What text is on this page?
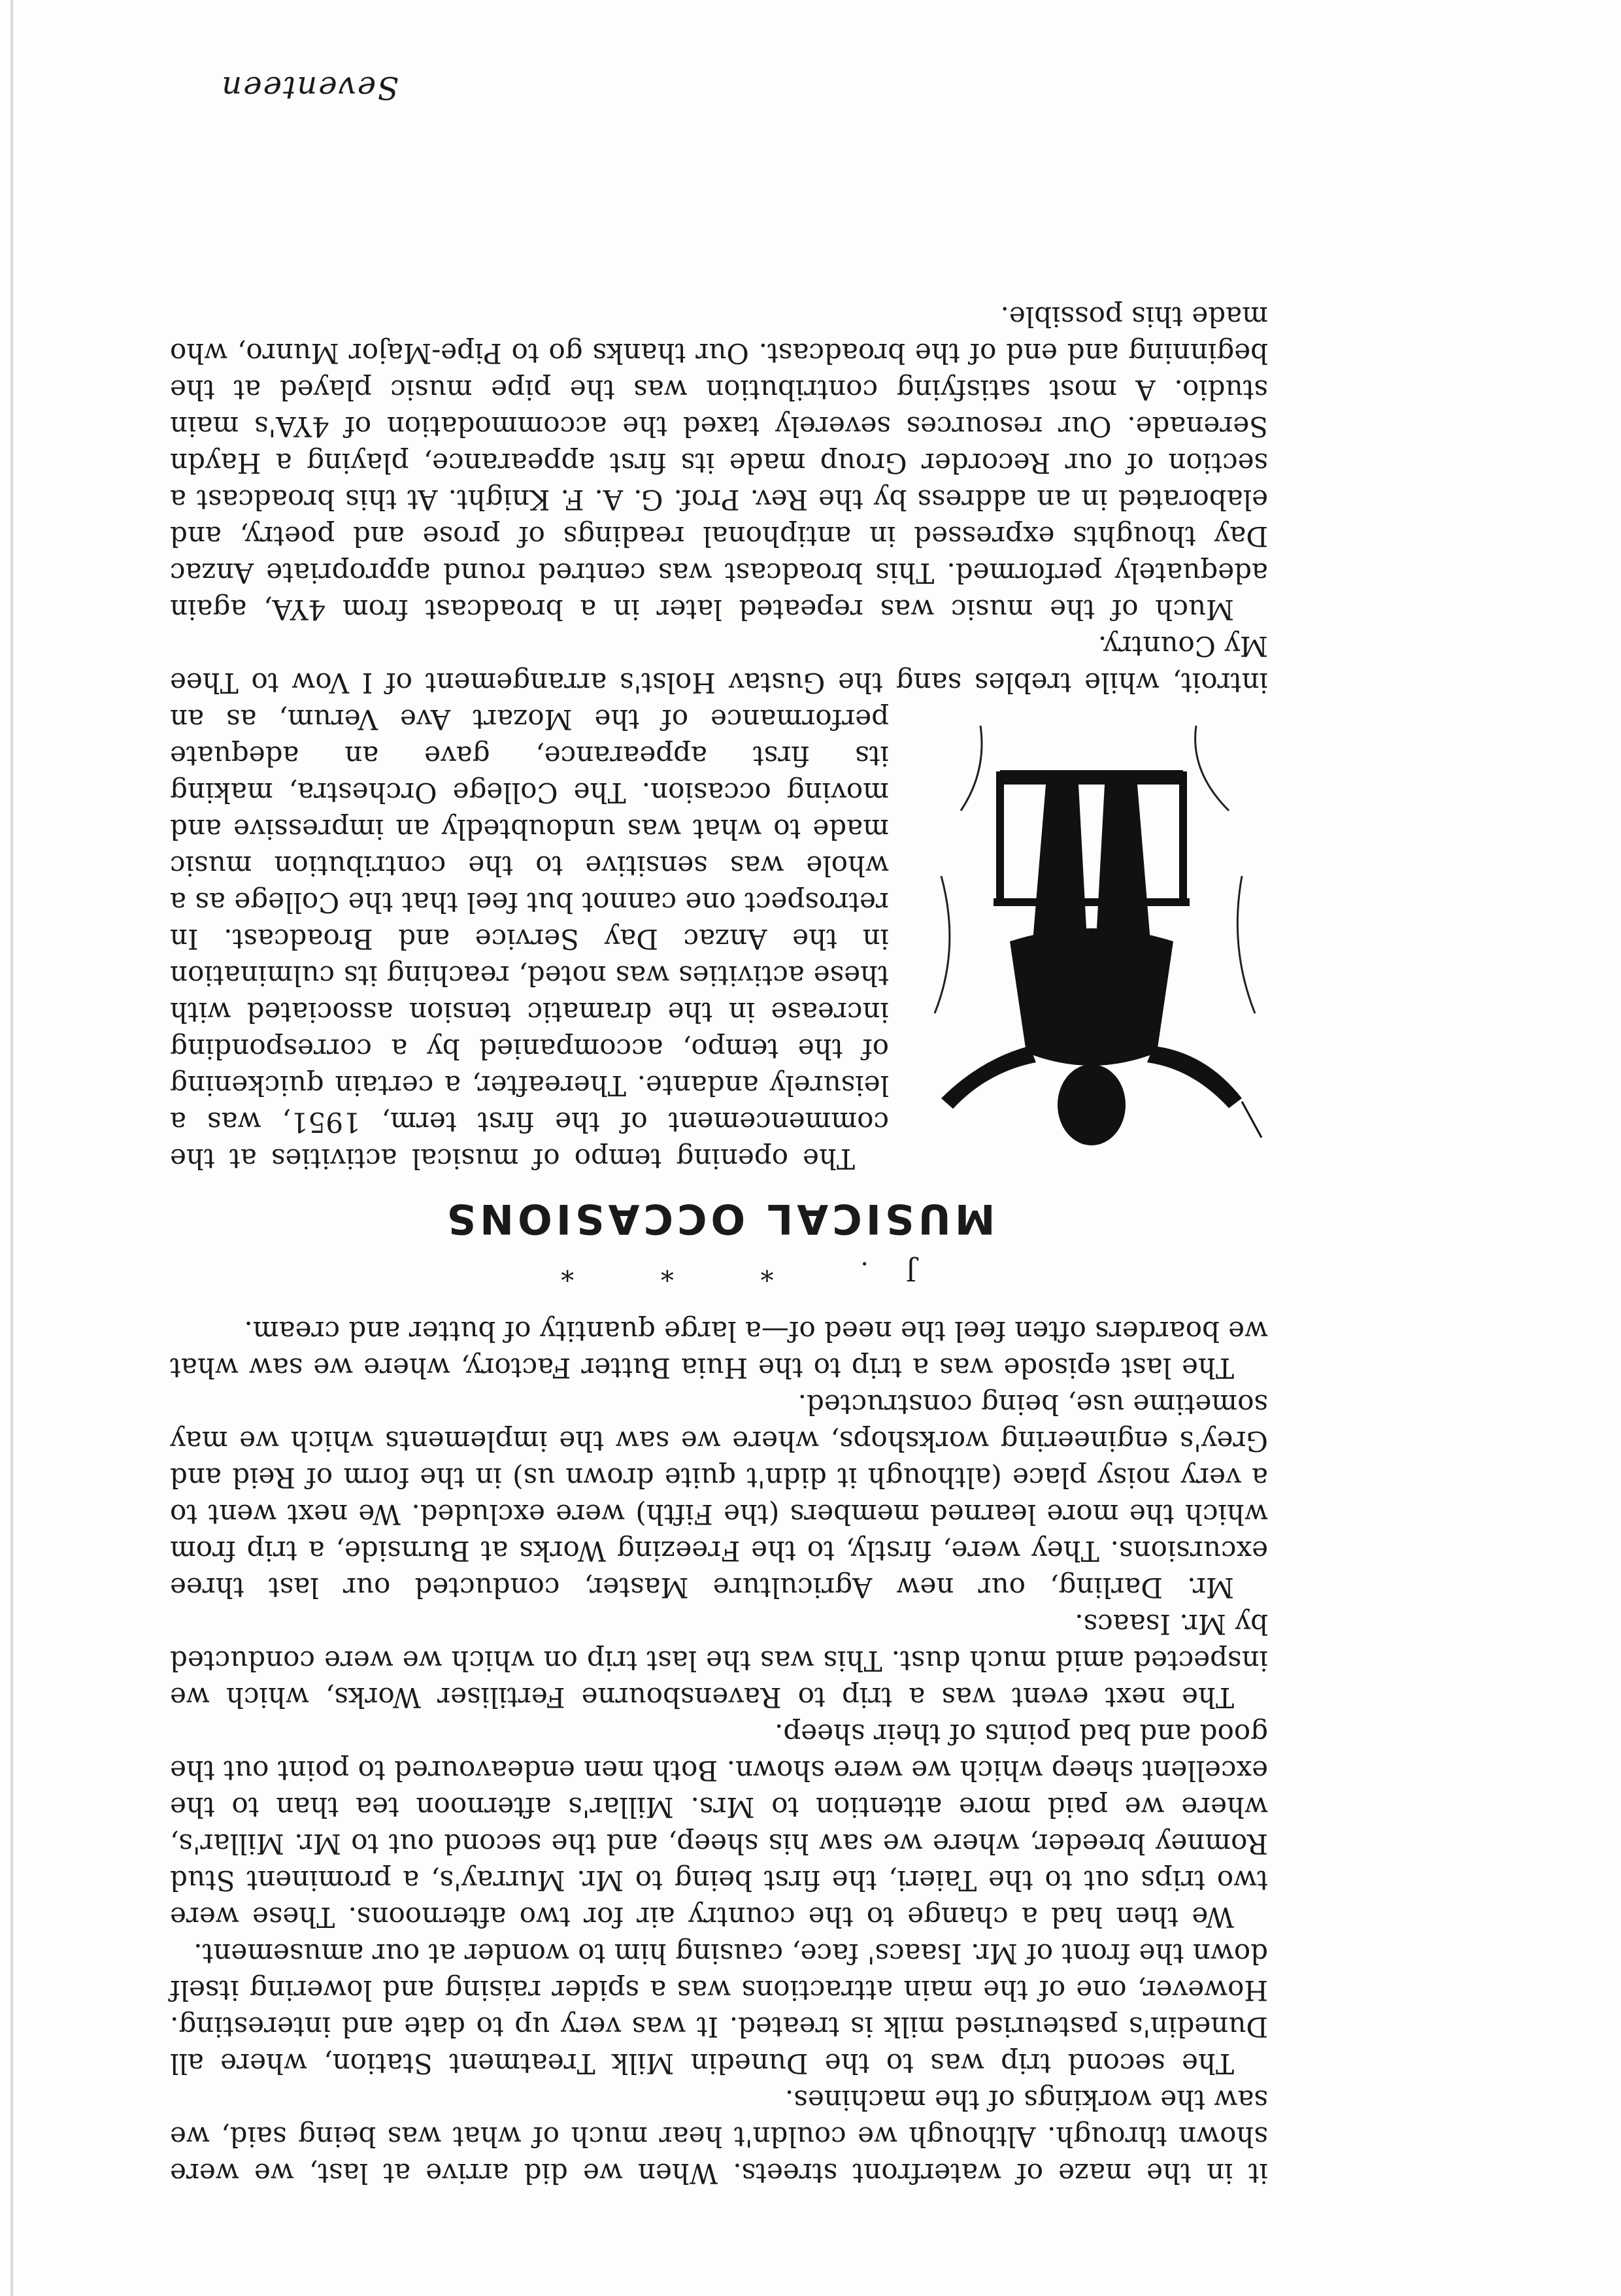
it in the maze of waterfront streets. When we did arrive at last, we were shown through. Although we couldn't hear much of what was being said, we saw the workings of the machines.

The second trip was to the Dunedin Milk Treatment Station, where all Dunedin's pasteurised milk is treated. It was very up to date and interesting. However, one of the main attractions was a spider raising and lowering itself down the front of Mr. Isaacs' face, causing him to wonder at our amusement.

We then had a change to the country air for two afternoons. These were two trips out to the Taieri, the first being to Mr. Murray's, a prominent Stud Romney breeder, where we saw his sheep, and the second out to Mr. Millar's, where we paid more attention to Mrs. Millar's afternoon tea than to the excellent sheep which we were shown. Both men endeavoured to point out the good and bad points of their sheep.

The next event was a trip to Ravensbourne Fertiliser Works, which we inspected amid much dust. This was the last trip on which we were conducted by Mr. Isaacs.

Mr. Darling, our new Agriculture Master, conducted our last three excursions. They were, firstly, to the Freezing Works at Burnside, a trip from which the more learned members (the Fifth) were excluded. We next went to a very noisy place (although it didn't quite drown us) in the form of Reid and Grey's engineering workshops, where we saw the implements which we may sometime use, being constructed.

The last episode was a trip to the Huia Butter Factory, where we saw what we boarders often feel the need of—a large quantity of butter and cream.

J. * * *
MUSICAL OCCASIONS

The opening tempo of musical activities at the commencement of the first term, 1951, was a leisurely andante. Thereafter, a certain quickening of the tempo, accompanied by a corresponding increase in the dramatic tension associated with these activities was noted, reaching its culmination in the Anzac Day Service and Broadcast. In retrospect one cannot but feel that the College as a whole was sensitive to the contribution music made to what was undoubtedly an impressive and moving occasion. The College Orchestra, making its first appearance, gave an adequate performance of the Mozart Ave Verum, as an introit, while trebles sang the Gustav Holst's arrangement of I Vow to Thee My Country.

Much of the music was repeated later in a broadcast from 4YA, again adequately performed. This broadcast was centred round appropriate Anzac Day thoughts expressed in antiphonal readings of prose and poetry, and elaborated in an address by the Rev. Prof. G. A. F. Knight. At this broadcast a section of our Recorder Group made its first appearance, playing a Haydn Serenade. Our resources severely taxed the accommodation of 4YA's main studio. A most satisfying contribution was the pipe music played at the beginning and end of the broadcast. Our thanks go to Pipe-Major Munro, who made this possible.

Seventeen
